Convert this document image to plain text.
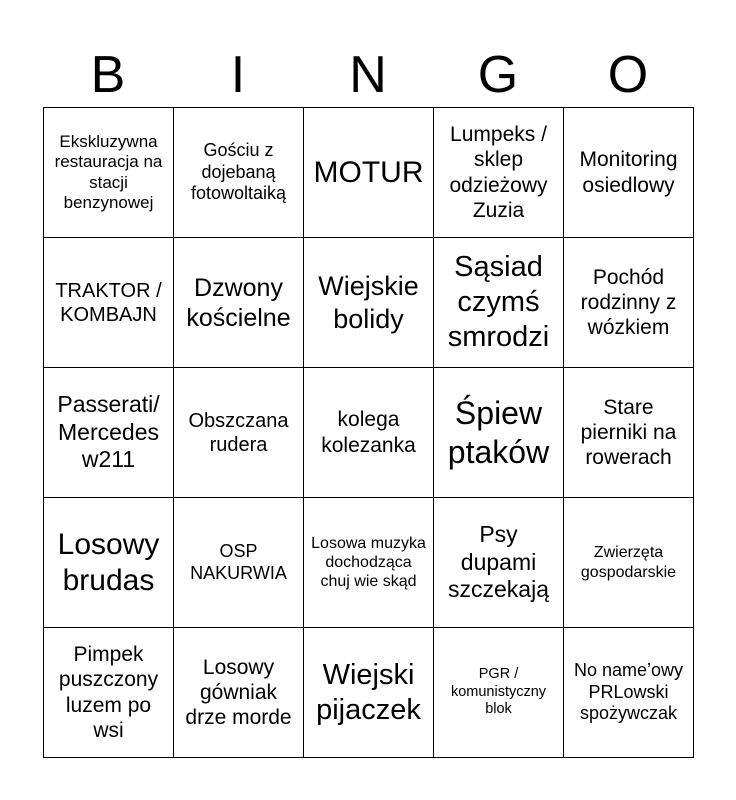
B	I	N	G	O
Ekskluzywna restauracja na stacji benzynowej	Gościu z dojebaną fotowoltaiką	MOTUR	Lumpeks / sklep odzieżowy Zuzia	Monitoring osiedlowy
TRAKTOR / KOMBAJN	Dzwony kościelne	Wiejskie bolidy	Sąsiad czymś smrodzi	Pochód rodzinny z wózkiem
Passerati/ Mercedes w211	Obszczana rudera	kolega kolezanka	Śpiew ptaków	Stare pierniki na rowerach
Losowy brudas	OSP NAKURWIA	Losowa muzyka dochodząca chuj wie skąd	Psy dupami szczekają	Zwierzęta gospodarskie
Pimpek puszczony luzem po wsi	Losowy gówniak drze morde	Wiejski pijaczek	PGR / komunistyczny blok	No name’owy PRLowski spożywczak
